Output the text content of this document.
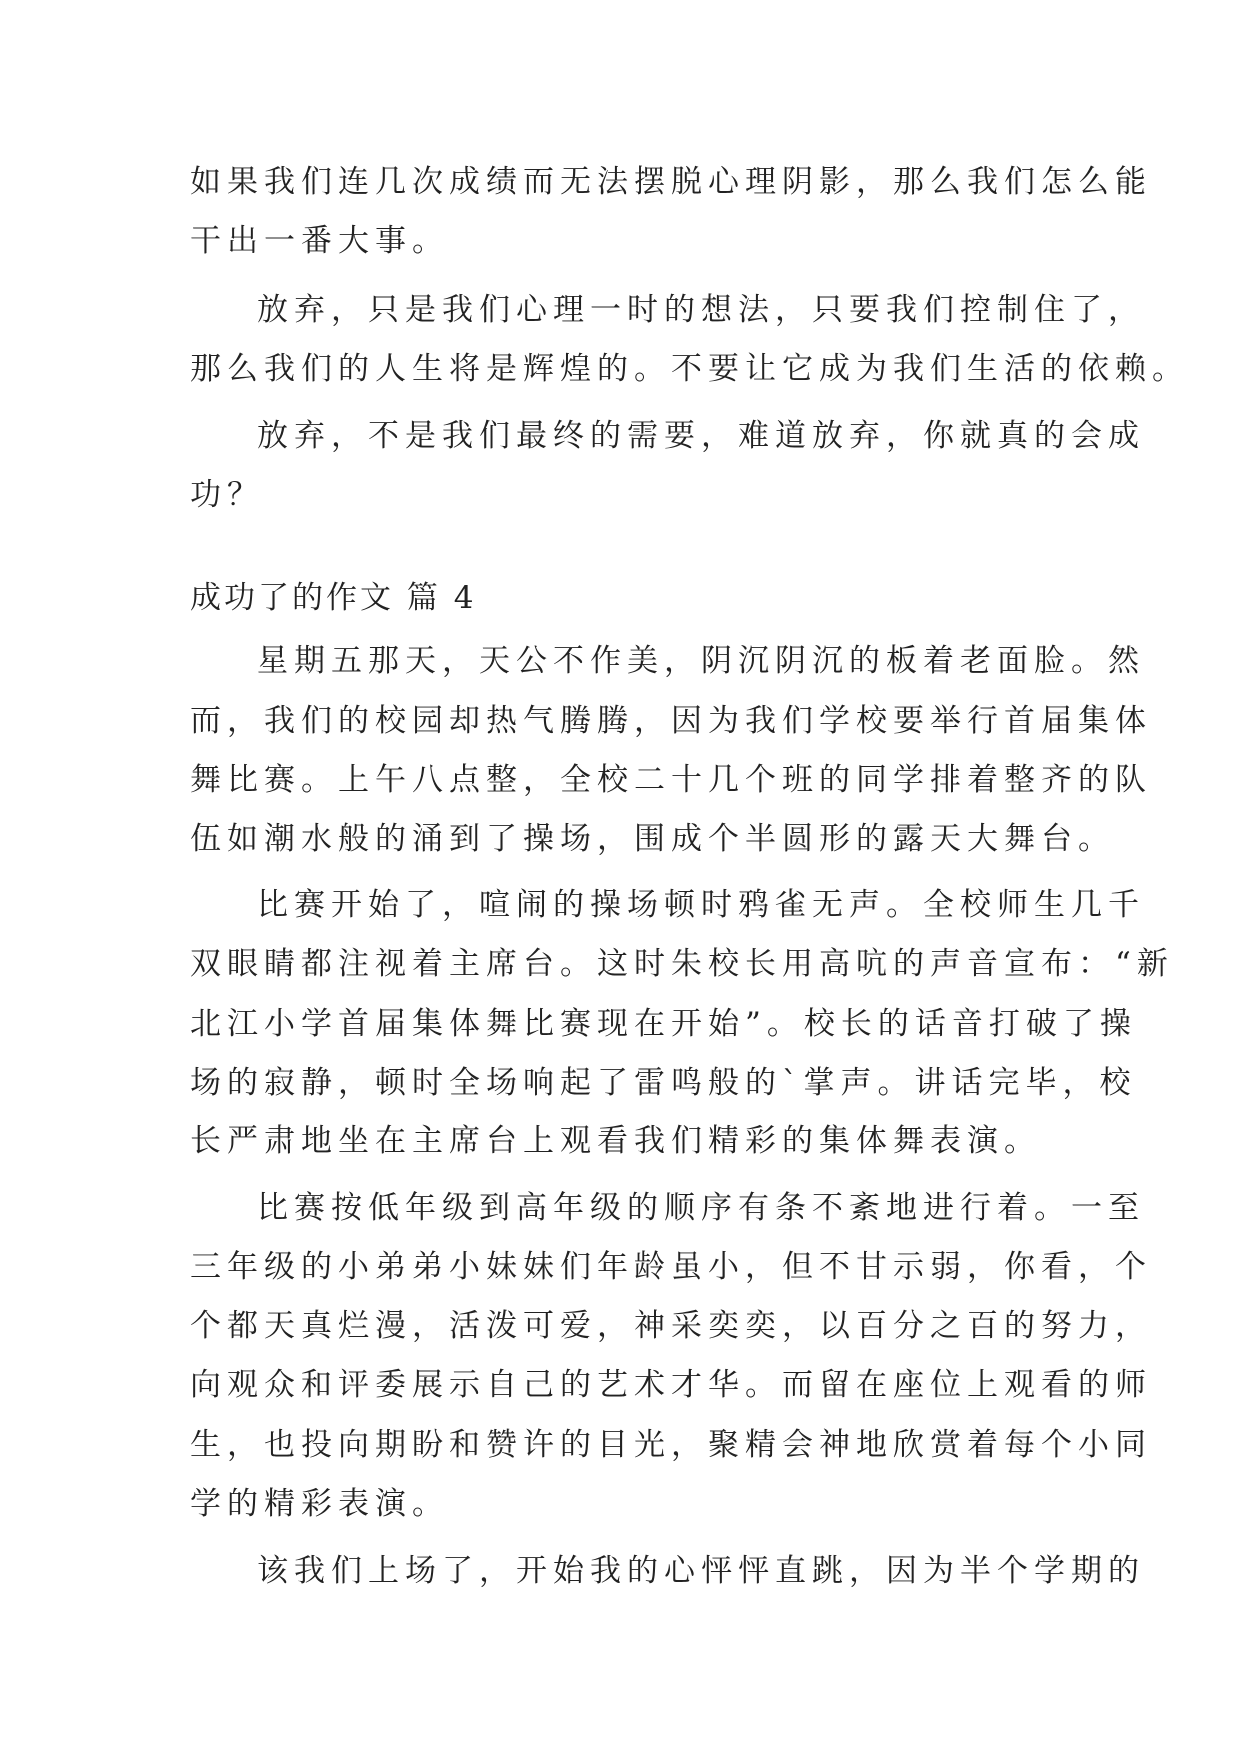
如果我们连几次成绩而无法摆脱心理阴影，那么我们怎么能
干出一番大事。
放弃，只是我们心理一时的想法，只要我们控制住了，
那么我们的人生将是辉煌的。不要让它成为我们生活的依赖。
放弃，不是我们最终的需要，难道放弃，你就真的会成
功？
成功了的作文 篇 4
星期五那天，天公不作美，阴沉阴沉的板着老面脸。然
而，我们的校园却热气腾腾，因为我们学校要举行首届集体
舞比赛。上午八点整，全校二十几个班的同学排着整齐的队
伍如潮水般的涌到了操场，围成个半圆形的露天大舞台。
比赛开始了，喧闹的操场顿时鸦雀无声。全校师生几千
双眼睛都注视着主席台。这时朱校长用高吭的声音宣布：“新
北江小学首届集体舞比赛现在开始”。校长的话音打破了操
场的寂静，顿时全场响起了雷鸣般的`掌声。讲话完毕，校
长严肃地坐在主席台上观看我们精彩的集体舞表演。
比赛按低年级到高年级的顺序有条不紊地进行着。一至
三年级的小弟弟小妹妹们年龄虽小，但不甘示弱，你看，个
个都天真烂漫，活泼可爱，神采奕奕，以百分之百的努力，
向观众和评委展示自己的艺术才华。而留在座位上观看的师
生，也投向期盼和赞许的目光，聚精会神地欣赏着每个小同
学的精彩表演。
该我们上场了，开始我的心怦怦直跳，因为半个学期的
